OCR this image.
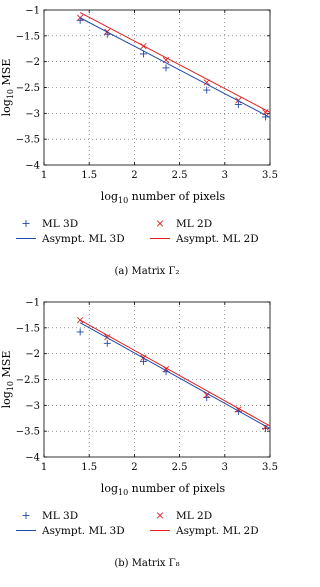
1	1.5	2	2.5	3	3.5
−4
−3.5
−3
−2.5
−2
−1.5
−1
$\log_{10}$ number of pixels
$\log_{10}$ MSE
ML 3D	ML 2D
Asympt. ML 3D	Asympt. ML 2D
(a) Matrix Γ₂
1	1.5	2	2.5	3	3.5
−4
−3.5
−3
−2.5
−2
−1.5
−1
$\log_{10}$ number of pixels
$\log_{10}$ MSE
ML 3D	ML 2D
Asympt. ML 3D	Asympt. ML 2D
(b) Matrix Γ₈
